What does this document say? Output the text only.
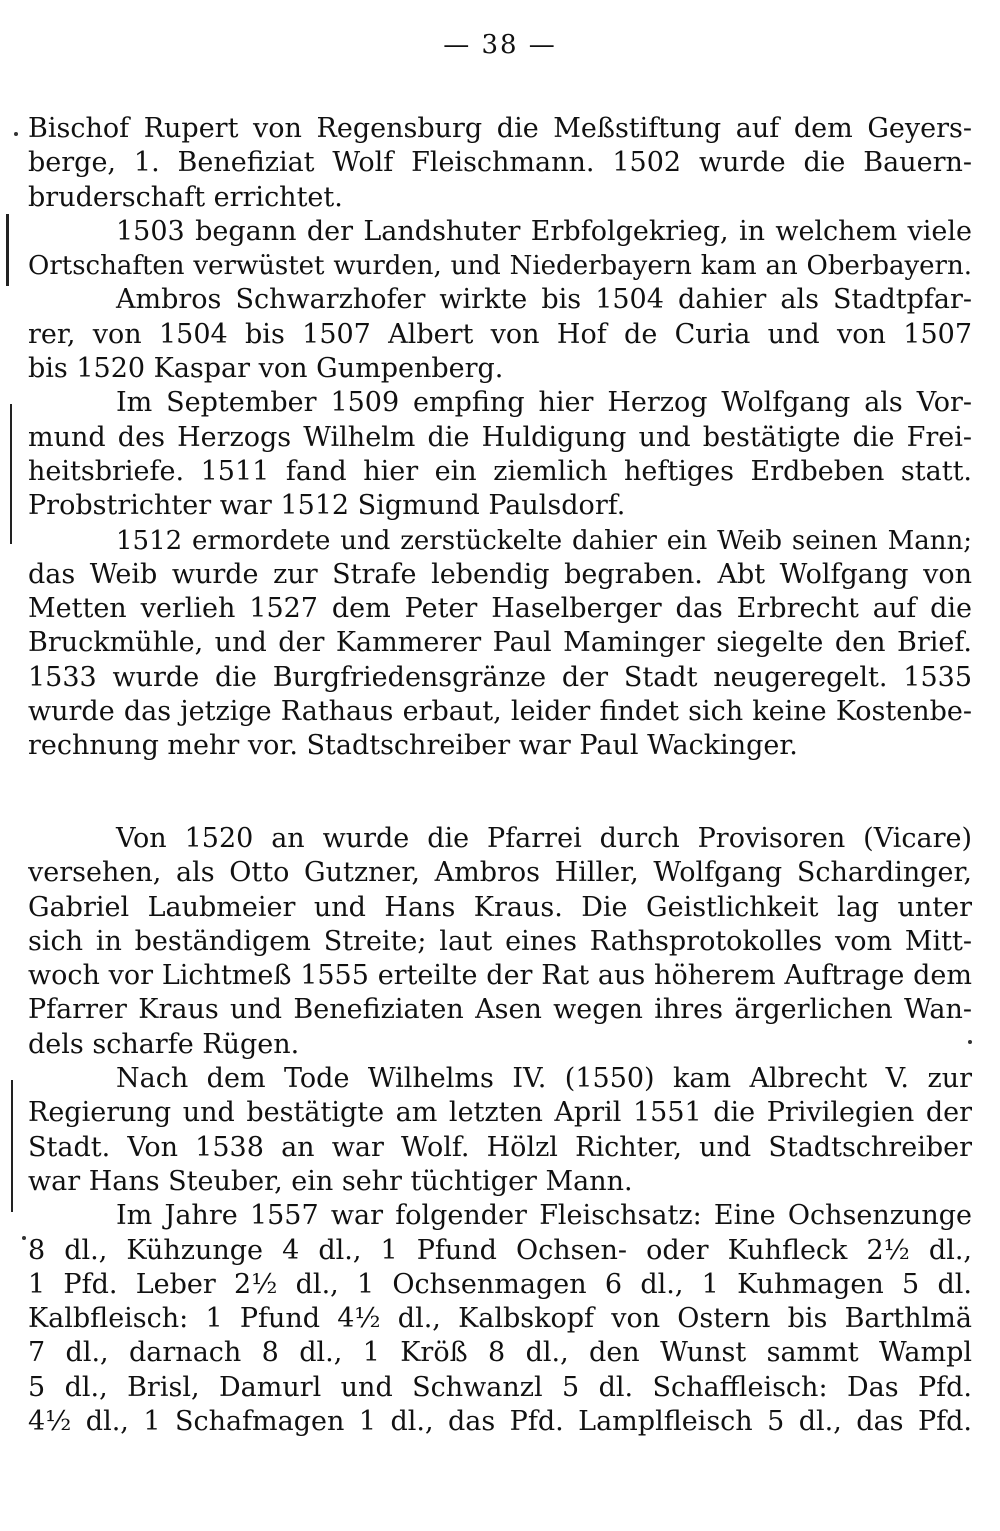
— 38 —
Bischof Rupert von Regensburg die Meßstiftung auf dem Geyers-
berge, 1. Benefiziat Wolf Fleischmann. 1502 wurde die Bauern-
bruderschaft errichtet.
1503 begann der Landshuter Erbfolgekrieg, in welchem viele
Ortschaften verwüstet wurden, und Niederbayern kam an Oberbayern.
Ambros Schwarzhofer wirkte bis 1504 dahier als Stadtpfar-
rer, von 1504 bis 1507 Albert von Hof de Curia und von 1507
bis 1520 Kaspar von Gumpenberg.
Im September 1509 empfing hier Herzog Wolfgang als Vor-
mund des Herzogs Wilhelm die Huldigung und bestätigte die Frei-
heitsbriefe. 1511 fand hier ein ziemlich heftiges Erdbeben statt.
Probstrichter war 1512 Sigmund Paulsdorf.
1512 ermordete und zerstückelte dahier ein Weib seinen Mann;
das Weib wurde zur Strafe lebendig begraben. Abt Wolfgang von
Metten verlieh 1527 dem Peter Haselberger das Erbrecht auf die
Bruckmühle, und der Kammerer Paul Maminger siegelte den Brief.
1533 wurde die Burgfriedensgränze der Stadt neugeregelt. 1535
wurde das jetzige Rathaus erbaut, leider findet sich keine Kostenbe-
rechnung mehr vor. Stadtschreiber war Paul Wackinger.
Von 1520 an wurde die Pfarrei durch Provisoren (Vicare)
versehen, als Otto Gutzner, Ambros Hiller, Wolfgang Schardinger,
Gabriel Laubmeier und Hans Kraus. Die Geistlichkeit lag unter
sich in beständigem Streite; laut eines Rathsprotokolles vom Mitt-
woch vor Lichtmeß 1555 erteilte der Rat aus höherem Auftrage dem
Pfarrer Kraus und Benefiziaten Asen wegen ihres ärgerlichen Wan-
dels scharfe Rügen.
Nach dem Tode Wilhelms IV. (1550) kam Albrecht V. zur
Regierung und bestätigte am letzten April 1551 die Privilegien der
Stadt. Von 1538 an war Wolf. Hölzl Richter, und Stadtschreiber
war Hans Steuber, ein sehr tüchtiger Mann.
Im Jahre 1557 war folgender Fleischsatz: Eine Ochsenzunge
8 dl., Kühzunge 4 dl., 1 Pfund Ochsen- oder Kuhfleck 2½ dl.,
1 Pfd. Leber 2½ dl., 1 Ochsenmagen 6 dl., 1 Kuhmagen 5 dl.
Kalbfleisch: 1 Pfund 4½ dl., Kalbskopf von Ostern bis Barthlmä
7 dl., darnach 8 dl., 1 Kröß 8 dl., den Wunst sammt Wampl
5 dl., Brisl, Damurl und Schwanzl 5 dl. Schaffleisch: Das Pfd.
4½ dl., 1 Schafmagen 1 dl., das Pfd. Lamplfleisch 5 dl., das Pfd.
